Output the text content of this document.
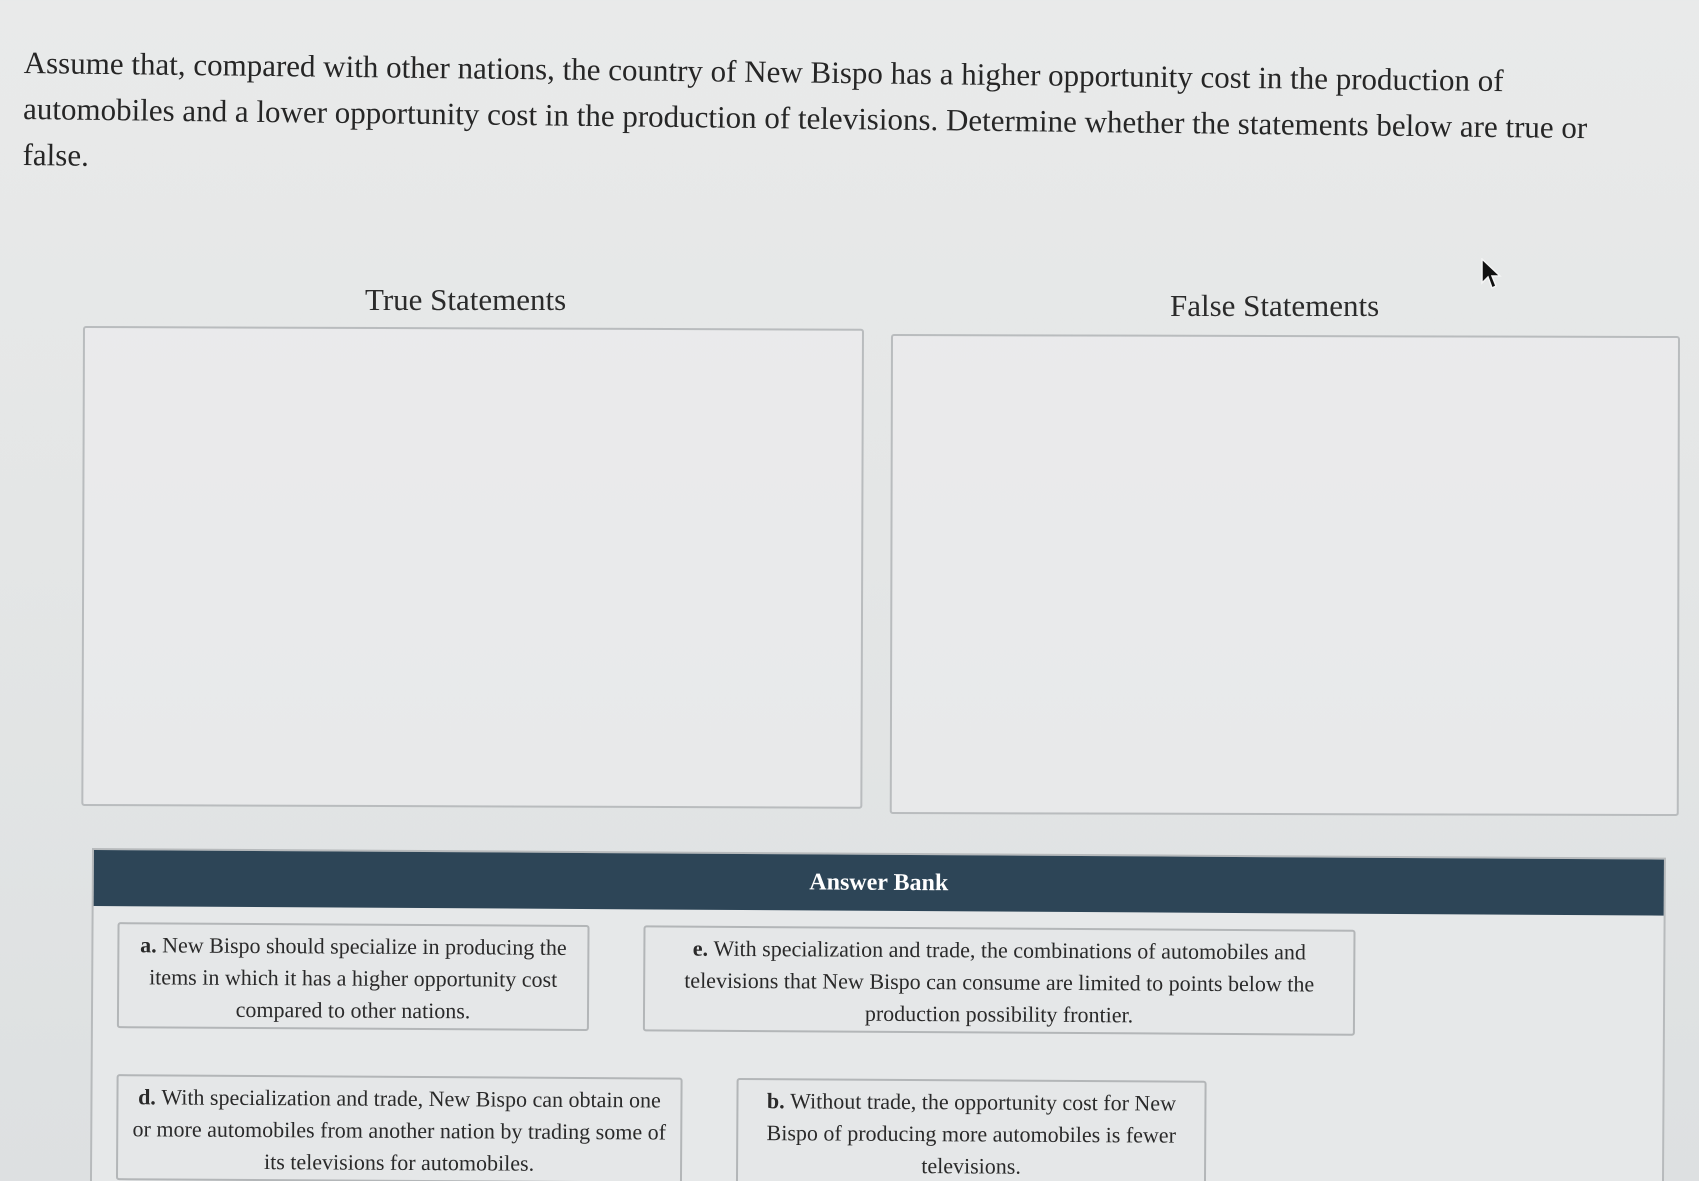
Assume that, compared with other nations, the country of New Bispo has a higher opportunity cost in the production of
automobiles and a lower opportunity cost in the production of televisions. Determine whether the statements below are true or
false.
True Statements	False Statements
Answer Bank
a. New Bispo should specialize in producing the items in which it has a higher opportunity cost compared to other nations.
e. With specialization and trade, the combinations of automobiles and televisions that New Bispo can consume are limited to points below the production possibility frontier.
d. With specialization and trade, New Bispo can obtain one or more automobiles from another nation by trading some of its televisions for automobiles.
b. Without trade, the opportunity cost for New Bispo of producing more automobiles is fewer televisions.
